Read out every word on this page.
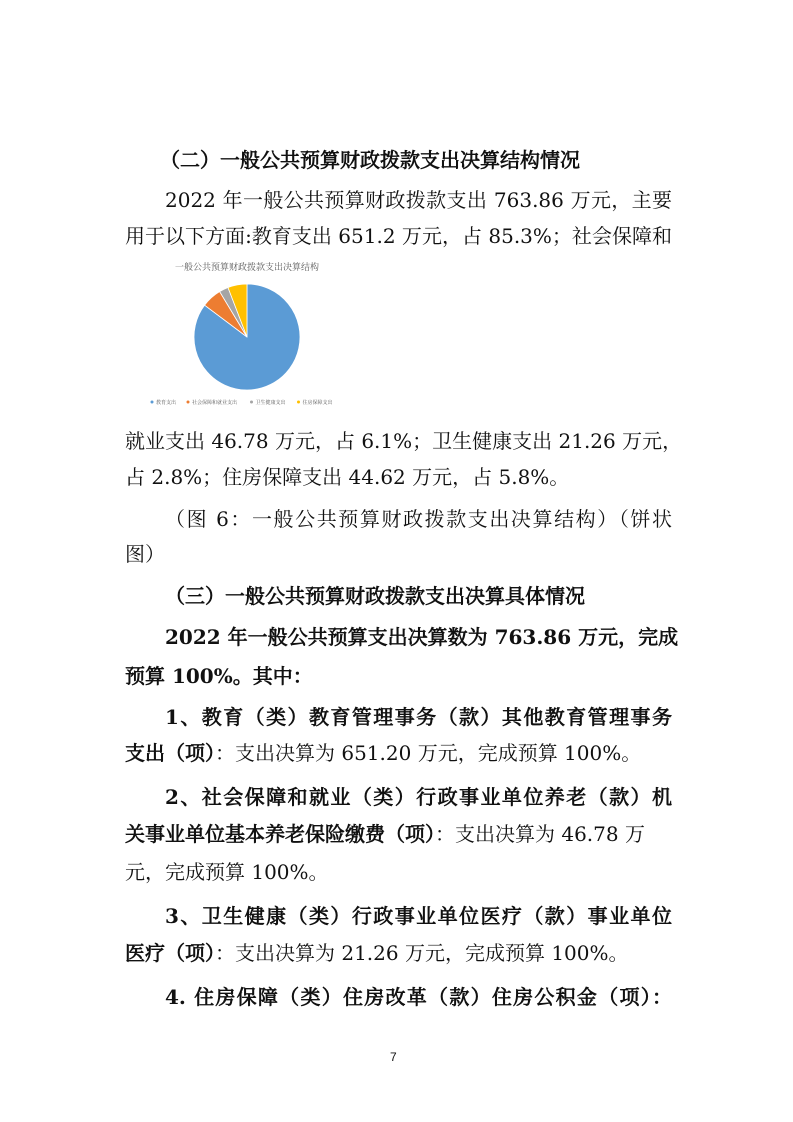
（二）一般公共预算财政拨款支出决算结构情况
2022 年一般公共预算财政拨款支出 763.86 万元，主要
用于以下方面:教育支出 651.2 万元，占 85.3%；社会保障和
一般公共预算财政拨款支出决算结构
教育支出	社会保障和就业支出	卫生健康支出	住房保障支出
就业支出 46.78 万元，占 6.1%；卫生健康支出 21.26 万元，
占 2.8%；住房保障支出 44.62 万元，占 5.8%。
（图 6：一般公共预算财政拨款支出决算结构）（饼状
图）
（三）一般公共预算财政拨款支出决算具体情况
2022 年一般公共预算支出决算数为 763.86 万元，完成
预算 100%。其中：
1、教育（类）教育管理事务（款）其他教育管理事务
支出（项）：支出决算为 651.20 万元，完成预算 100%。
2、社会保障和就业（类）行政事业单位养老（款）机
关事业单位基本养老保险缴费（项）：支出决算为 46.78 万
元，完成预算 100%。
3、卫生健康（类）行政事业单位医疗（款）事业单位
医疗（项）：支出决算为 21.26 万元，完成预算 100%。
4. 住房保障（类）住房改革（款）住房公积金（项）：
7
